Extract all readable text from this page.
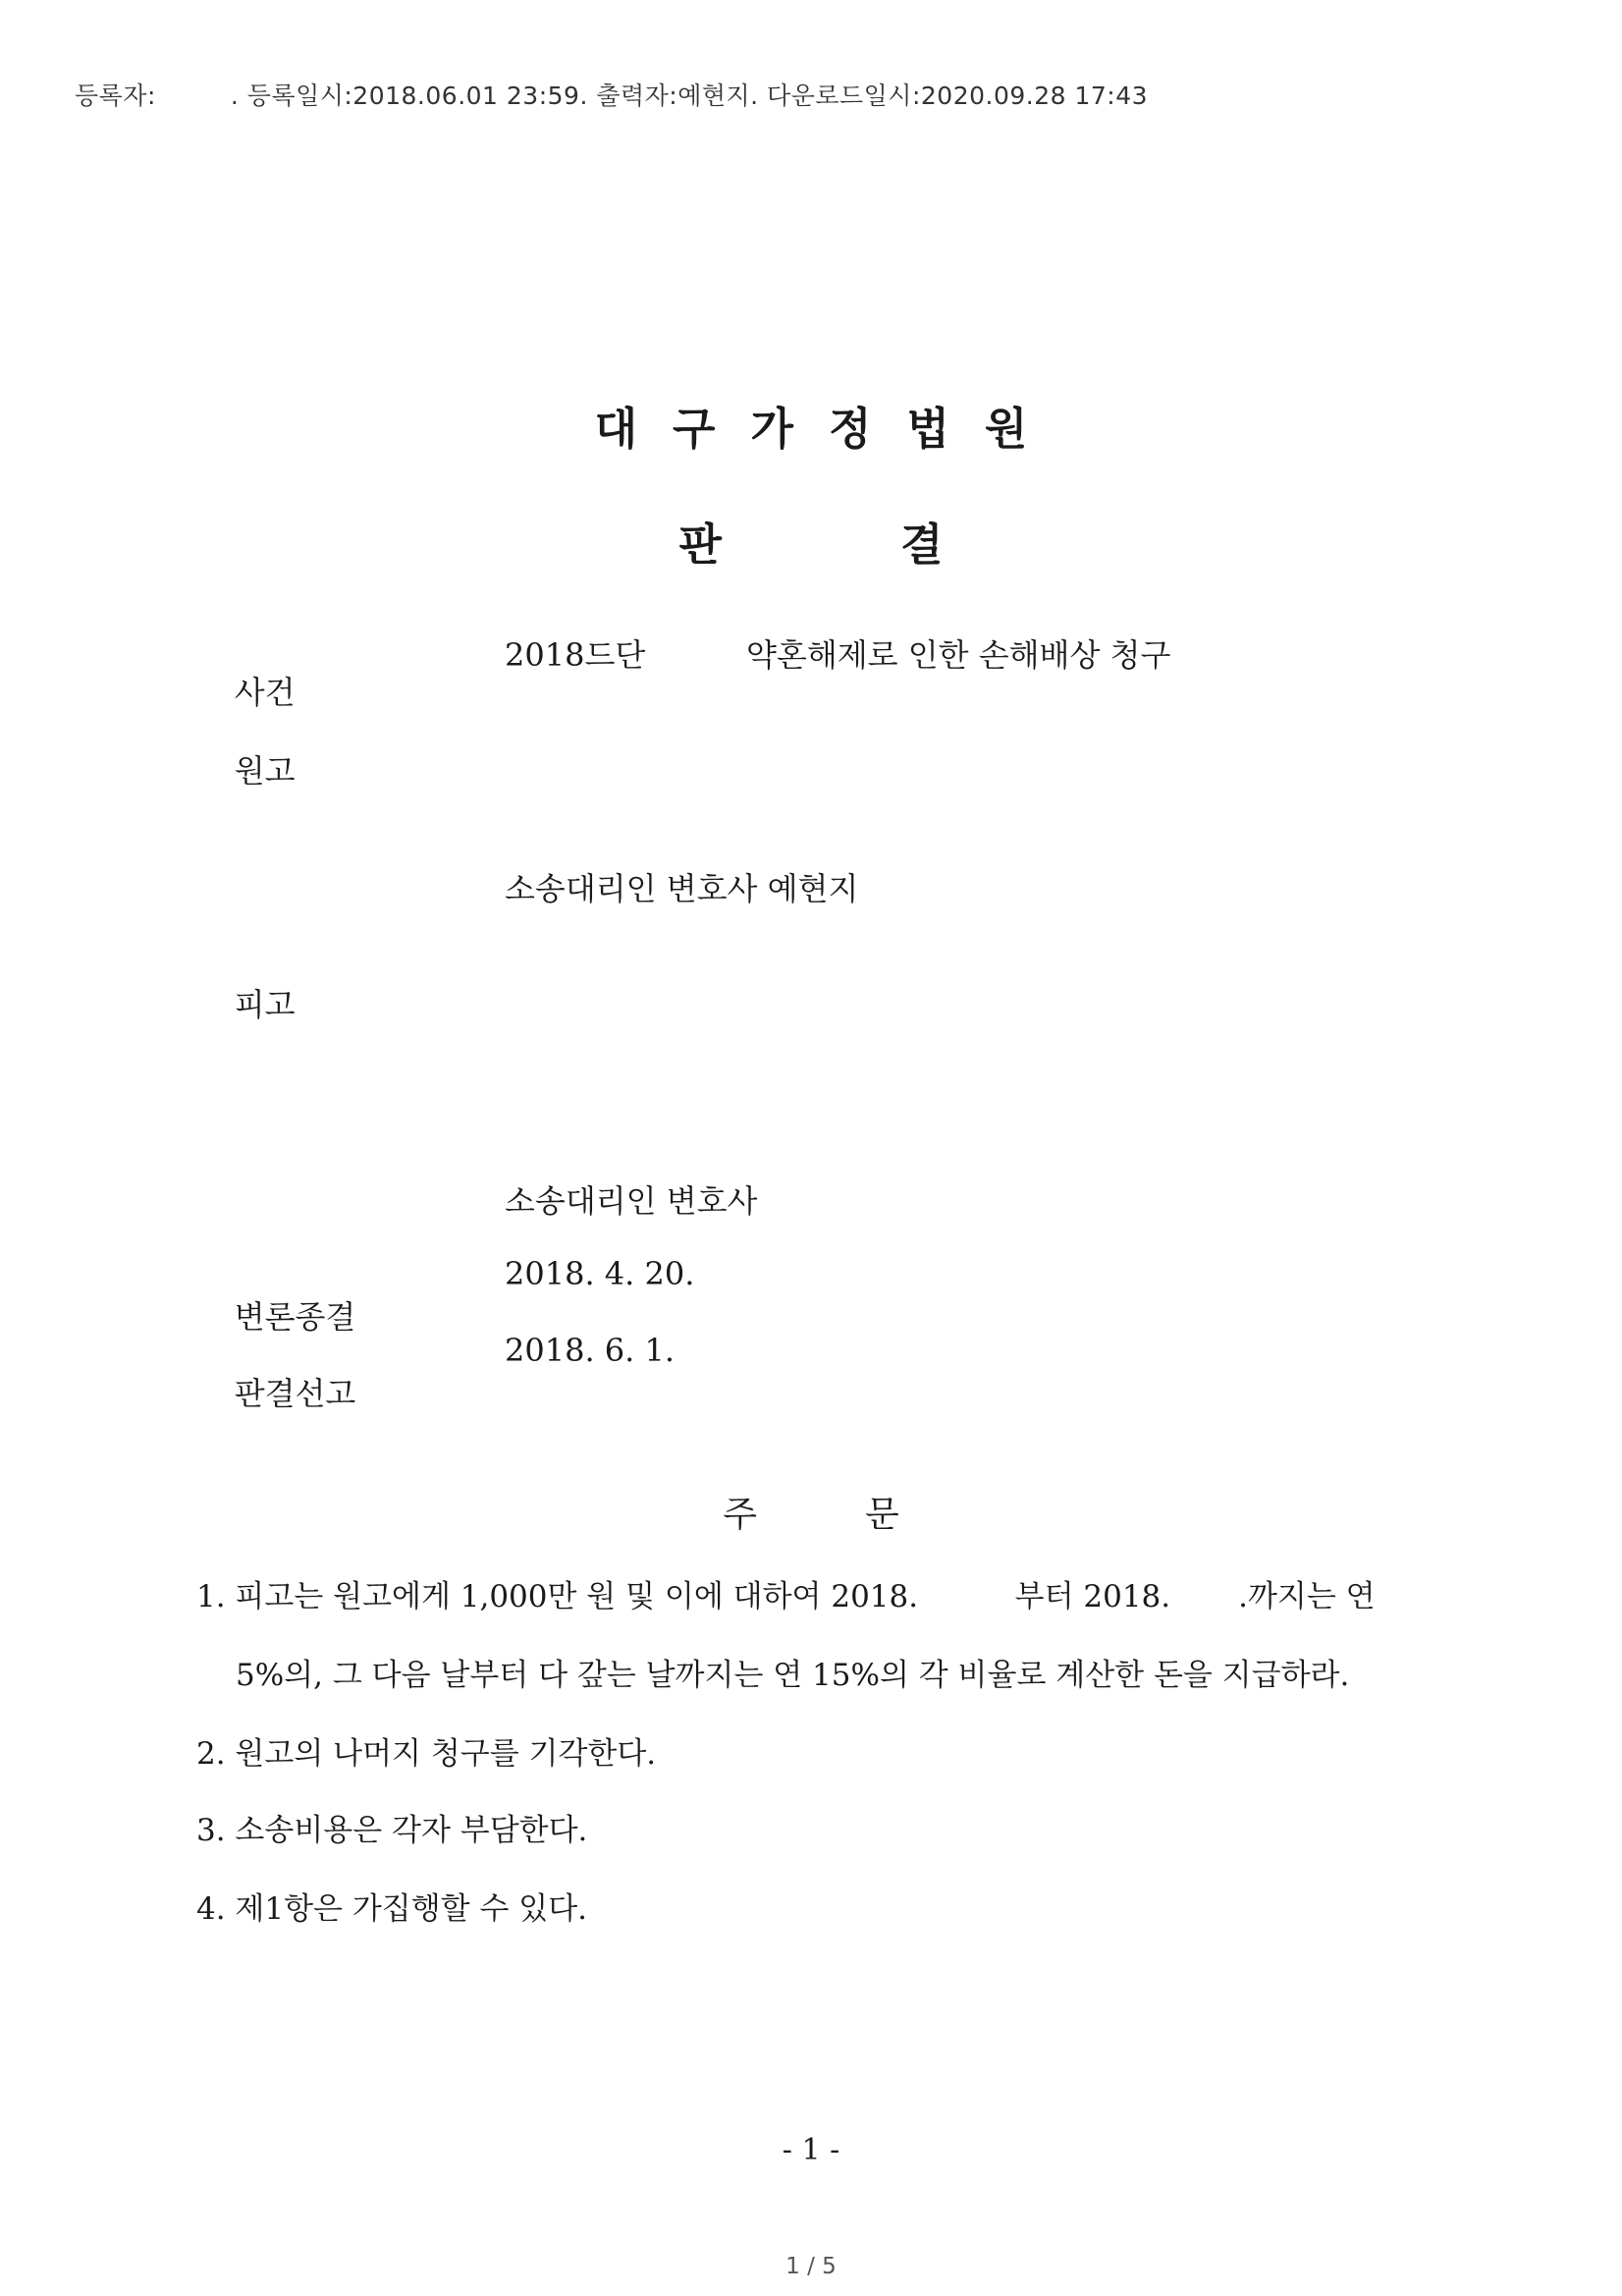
등록자:         . 등록일시:2018.06.01 23:59. 출력자:예현지. 다운로드일시:2020.09.28 17:43
대구가정법원
판결

사건

2018드단

	약혼해제로 인한 손해배상 청구

원고

소송대리인 변호사 예현지

피고

소송대리인 변호사

변론종결

2018. 4. 20.

판결선고

2018. 6. 1.

주문
1. 피고는 원고에게 1,000만 원 및 이에 대하여 2018.          부터 2018.       .까지는 연
5%의, 그 다음 날부터 다 갚는 날까지는 연 15%의 각 비율로 계산한 돈을 지급하라.
2. 원고의 나머지 청구를 기각한다.
3. 소송비용은 각자 부담한다.
4. 제1항은 가집행할 수 있다.
- 1 -
1 / 5
